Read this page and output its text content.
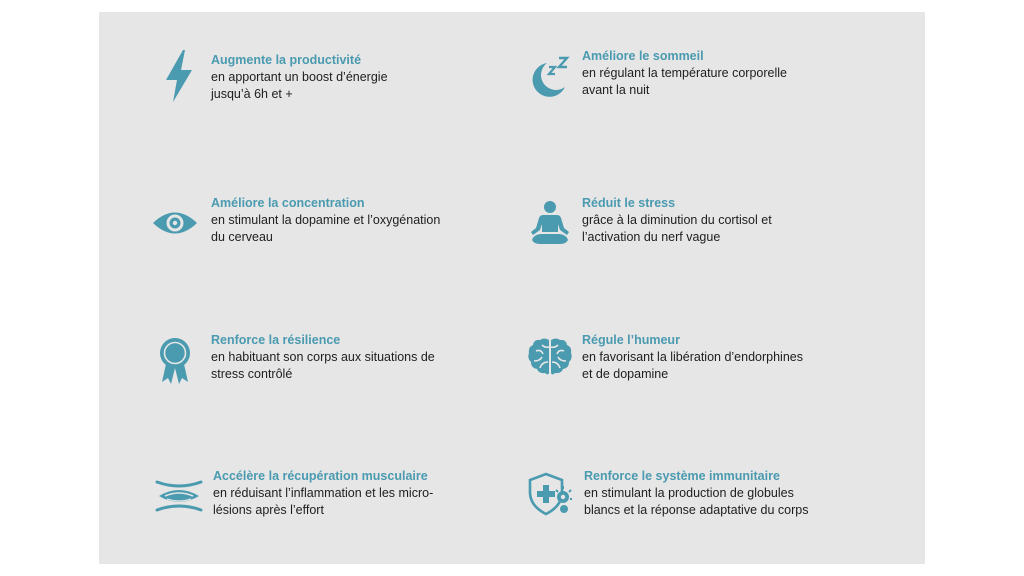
Augmente la productivité
en apportant un boost d’énergie
jusqu’à 6h et +
Améliore le sommeil
en régulant la température corporelle
avant la nuit
Améliore la concentration
en stimulant la dopamine et l’oxygénation
du cerveau
Réduit le stress
grâce à la diminution du cortisol et
l’activation du nerf vague
Renforce la résilience
en habituant son corps aux situations de
stress contrôlé
Régule l’humeur
en favorisant la libération d’endorphines
et de dopamine
Accélère la récupération musculaire
en réduisant l’inflammation et les micro-
lésions après l’effort
Renforce le système immunitaire
en stimulant la production de globules
blancs et la réponse adaptative du corps
